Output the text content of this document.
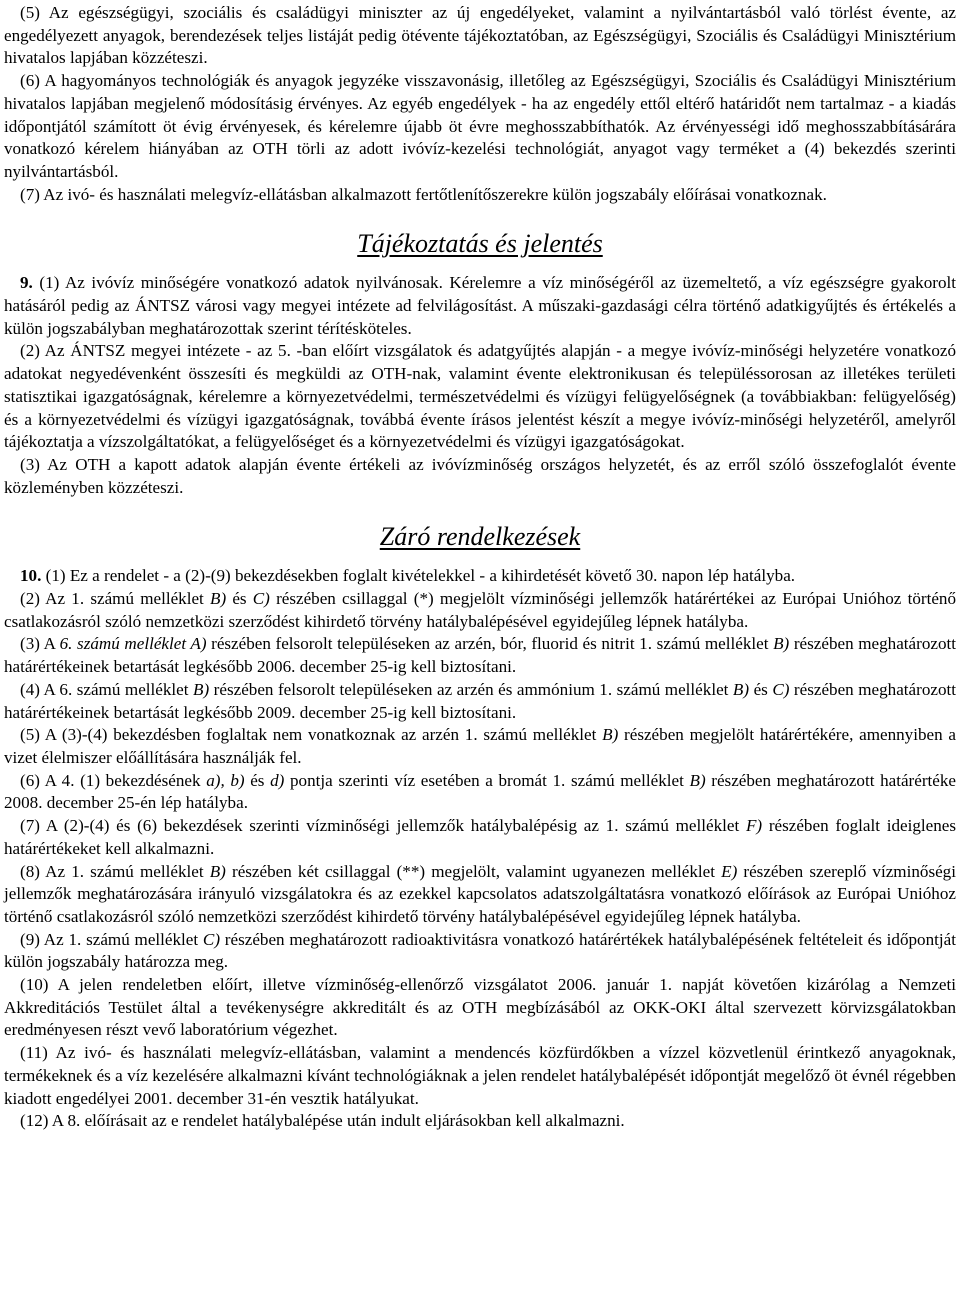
(5) Az egészségügyi, szociális és családügyi miniszter az új engedélyeket, valamint a nyilvántartásból való törlést évente, az engedélyezett anyagok, berendezések teljes listáját pedig ötévente tájékoztatóban, az Egészségügyi, Szociális és Családügyi Minisztérium hivatalos lapjában közzéteszi.

(6) A hagyományos technológiák és anyagok jegyzéke visszavonásig, illetőleg az Egészségügyi, Szociális és Családügyi Minisztérium hivatalos lapjában megjelenő módosításig érvényes. Az egyéb engedélyek - ha az engedély ettől eltérő határidőt nem tartalmaz - a kiadás időpontjától számított öt évig érvényesek, és kérelemre újabb öt évre meghosszabbíthatók. Az érvényességi idő meghosszabbításárára vonatkozó kérelem hiányában az OTH törli az adott ivóvíz-kezelési technológiát, anyagot vagy terméket a (4) bekezdés szerinti nyilvántartásból.

(7) Az ivó- és használati melegvíz-ellátásban alkalmazott fertőtlenítőszerekre külön jogszabály előírásai vonatkoznak.

Tájékoztatás és jelentés

9. (1) Az ivóvíz minőségére vonatkozó adatok nyilvánosak. Kérelemre a víz minőségéről az üzemeltető, a víz egészségre gyakorolt hatásáról pedig az ÁNTSZ városi vagy megyei intézete ad felvilágosítást. A műszaki-gazdasági célra történő adatkigyűjtés és értékelés a külön jogszabályban meghatározottak szerint térítésköteles.

(2) Az ÁNTSZ megyei intézete - az 5. -ban előírt vizsgálatok és adatgyűjtés alapján - a megye ivóvíz-minőségi helyzetére vonatkozó adatokat negyedévenként összesíti és megküldi az OTH-nak, valamint évente elektronikusan és településsorosan az illetékes területi statisztikai igazgatóságnak, kérelemre a környezetvédelmi, természetvédelmi és vízügyi felügyelőségnek (a továbbiakban: felügyelőség) és a környezetvédelmi és vízügyi igazgatóságnak, továbbá évente írásos jelentést készít a megye ivóvíz-minőségi helyzetéről, amelyről tájékoztatja a vízszolgáltatókat, a felügyelőséget és a környezetvédelmi és vízügyi igazgatóságokat.

(3) Az OTH a kapott adatok alapján évente értékeli az ivóvízminőség országos helyzetét, és az erről szóló összefoglalót évente közleményben közzéteszi.

Záró rendelkezések

10. (1) Ez a rendelet - a (2)-(9) bekezdésekben foglalt kivételekkel - a kihirdetését követő 30. napon lép hatályba.

(2) Az 1. számú melléklet B) és C) részében csillaggal (*) megjelölt vízminőségi jellemzők határértékei az Európai Unióhoz történő csatlakozásról szóló nemzetközi szerződést kihirdető törvény hatálybalépésével egyidejűleg lépnek hatályba.

(3) A 6. számú melléklet A) részében felsorolt településeken az arzén, bór, fluorid és nitrit 1. számú melléklet B) részében meghatározott határértékeinek betartását legkésőbb 2006. december 25-ig kell biztosítani.

(4) A 6. számú melléklet B) részében felsorolt településeken az arzén és ammónium 1. számú melléklet B) és C) részében meghatározott határértékeinek betartását legkésőbb 2009. december 25-ig kell biztosítani.

(5) A (3)-(4) bekezdésben foglaltak nem vonatkoznak az arzén 1. számú melléklet B) részében megjelölt határértékére, amennyiben a vizet élelmiszer előállítására használják fel.

(6) A 4. (1) bekezdésének a), b) és d) pontja szerinti víz esetében a bromát 1. számú melléklet B) részében meghatározott határértéke 2008. december 25-én lép hatályba.

(7) A (2)-(4) és (6) bekezdések szerinti vízminőségi jellemzők hatálybalépésig az 1. számú melléklet F) részében foglalt ideiglenes határértékeket kell alkalmazni.

(8) Az 1. számú melléklet B) részében két csillaggal (**) megjelölt, valamint ugyanezen melléklet E) részében szereplő vízminőségi jellemzők meghatározására irányuló vizsgálatokra és az ezekkel kapcsolatos adatszolgáltatásra vonatkozó előírások az Európai Unióhoz történő csatlakozásról szóló nemzetközi szerződést kihirdető törvény hatálybalépésével egyidejűleg lépnek hatályba.

(9) Az 1. számú melléklet C) részében meghatározott radioaktivitásra vonatkozó határértékek hatálybalépésének feltételeit és időpontját külön jogszabály határozza meg.

(10) A jelen rendeletben előírt, illetve vízminőség-ellenőrző vizsgálatot 2006. január 1. napját követően kizárólag a Nemzeti Akkreditációs Testület által a tevékenységre akkreditált és az OTH megbízásából az OKK-OKI által szervezett körvizsgálatokban eredményesen részt vevő laboratórium végezhet.

(11) Az ivó- és használati melegvíz-ellátásban, valamint a mendencés közfürdőkben a vízzel közvetlenül érintkező anyagoknak, termékeknek és a víz kezelésére alkalmazni kívánt technológiáknak a jelen rendelet hatálybalépését időpontját megelőző öt évnél régebben kiadott engedélyei 2001. december 31-én vesztik hatályukat.

(12) A 8. előírásait az e rendelet hatálybalépése után indult eljárásokban kell alkalmazni.
